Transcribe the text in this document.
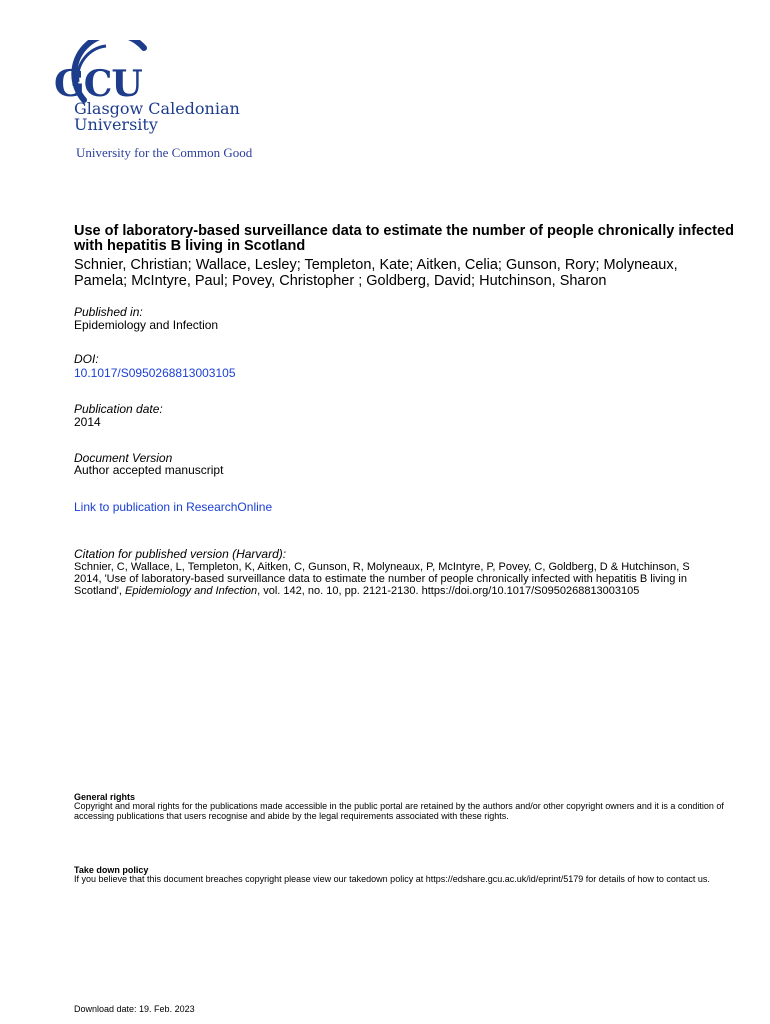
GCU
Glasgow Caledonian
University
University for the Common Good
Use of laboratory-based surveillance data to estimate the number of people chronically infected with hepatitis B living in Scotland
Schnier, Christian; Wallace, Lesley; Templeton, Kate; Aitken, Celia; Gunson, Rory; Molyneaux, Pamela; McIntyre, Paul; Povey, Christopher ; Goldberg, David; Hutchinson, Sharon
Published in:
Epidemiology and Infection
DOI:
10.1017/S0950268813003105
Publication date:
2014
Document Version
Author accepted manuscript
Link to publication in ResearchOnline
Citation for published version (Harvard):
Schnier, C, Wallace, L, Templeton, K, Aitken, C, Gunson, R, Molyneaux, P, McIntyre, P, Povey, C, Goldberg, D & Hutchinson, S 2014, 'Use of laboratory-based surveillance data to estimate the number of people chronically infected with hepatitis B living in Scotland', Epidemiology and Infection, vol. 142, no. 10, pp. 2121-2130. https://doi.org/10.1017/S0950268813003105
General rights
Copyright and moral rights for the publications made accessible in the public portal are retained by the authors and/or other copyright owners and it is a condition of accessing publications that users recognise and abide by the legal requirements associated with these rights.
Take down policy
If you believe that this document breaches copyright please view our takedown policy at https://edshare.gcu.ac.uk/id/eprint/5179 for details of how to contact us.
Download date: 19. Feb. 2023
